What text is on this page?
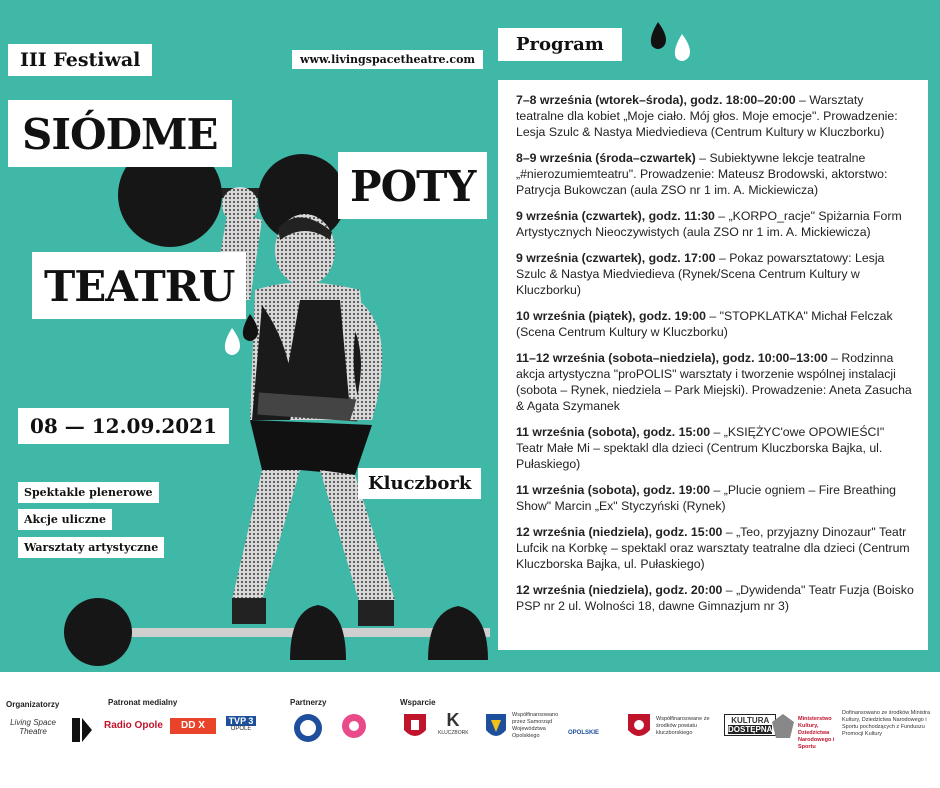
III Festiwal	www.livingspacetheatre.com
SIÓDME
POTY
TEATRU
08 — 12.09.2021
Kluczbork
Spektakle plenerowe
Akcje uliczne
Warsztaty artystyczne
Program

7–8 września (wtorek–środa), godz. 18:00–20:00 – Warsztaty teatralne dla kobiet „Moje ciało. Mój głos. Moje emocje". Prowadzenie: Lesja Szulc & Nastya Miedviedieva (Centrum Kultury w Kluczborku)

8–9 września (środa–czwartek) – Subiektywne lekcje teatralne „#nierozumiemteatru". Prowadzenie: Mateusz Brodowski, aktorstwo: Patrycja Bukowczan (aula ZSO nr 1 im. A. Mickiewicza)

9 września (czwartek), godz. 11:30 – „KORPO_racje" Spiżarnia Form Artystycznych Nieoczywistych (aula ZSO nr 1 im. A. Mickiewicza)

9 września (czwartek), godz. 17:00 – Pokaz powarsztatowy: Lesja Szulc & Nastya Miedviedieva (Rynek/Scena Centrum Kultury w Kluczborku)

10 września (piątek), godz. 19:00 – "STOPKLATKA" Michał Felczak (Scena Centrum Kultury w Kluczborku)

11–12 września (sobota–niedziela), godz. 10:00–13:00 – Rodzinna akcja artystyczna "proPOLIS" warsztaty i tworzenie wspólnej instalacji (sobota – Rynek, niedziela – Park Miejski). Prowadzenie: Aneta Zasucha & Agata Szymanek

11 września (sobota), godz. 15:00 – „KSIĘŻYC'owe OPOWIEŚCI" Teatr Małe Mi – spektakl dla dzieci (Centrum Kluczborska Bajka, ul. Pułaskiego)

11 września (sobota), godz. 19:00 – „Plucie ogniem – Fire Breathing Show" Marcin „Ex" Styczyński (Rynek)

12 września (niedziela), godz. 15:00 – „Teo, przyjazny Dinozaur" Teatr Lufcik na Korbkę – spektakl oraz warsztaty teatralne dla dzieci (Centrum Kluczborska Bajka, ul. Pułaskiego)

12 września (niedziela), godz. 20:00 – „Dywidenda" Teatr Fuzja (Boisko PSP nr 2 ul. Wolności 18, dawne Gimnazjum nr 3)

Organizatorzy	Patronat medialny	Partnerzy	Wsparcie
Living Space Theatre
Radio Opole	DD X	TVP 3
OPOLE	K
KLUCZBORK
Współfinansowano przez Samorząd Województwa Opolskiego	OPOLSKIE
Współfinansowane ze środków powiatu kluczborskiego
KULTURA
DOSTĘPNA
Ministerstwo Kultury, Dziedzictwa Narodowego i Sportu
Dofinansowano ze środków Ministra Kultury, Dziedzictwa Narodowego i Sportu pochodzących z Funduszu Promocji Kultury
